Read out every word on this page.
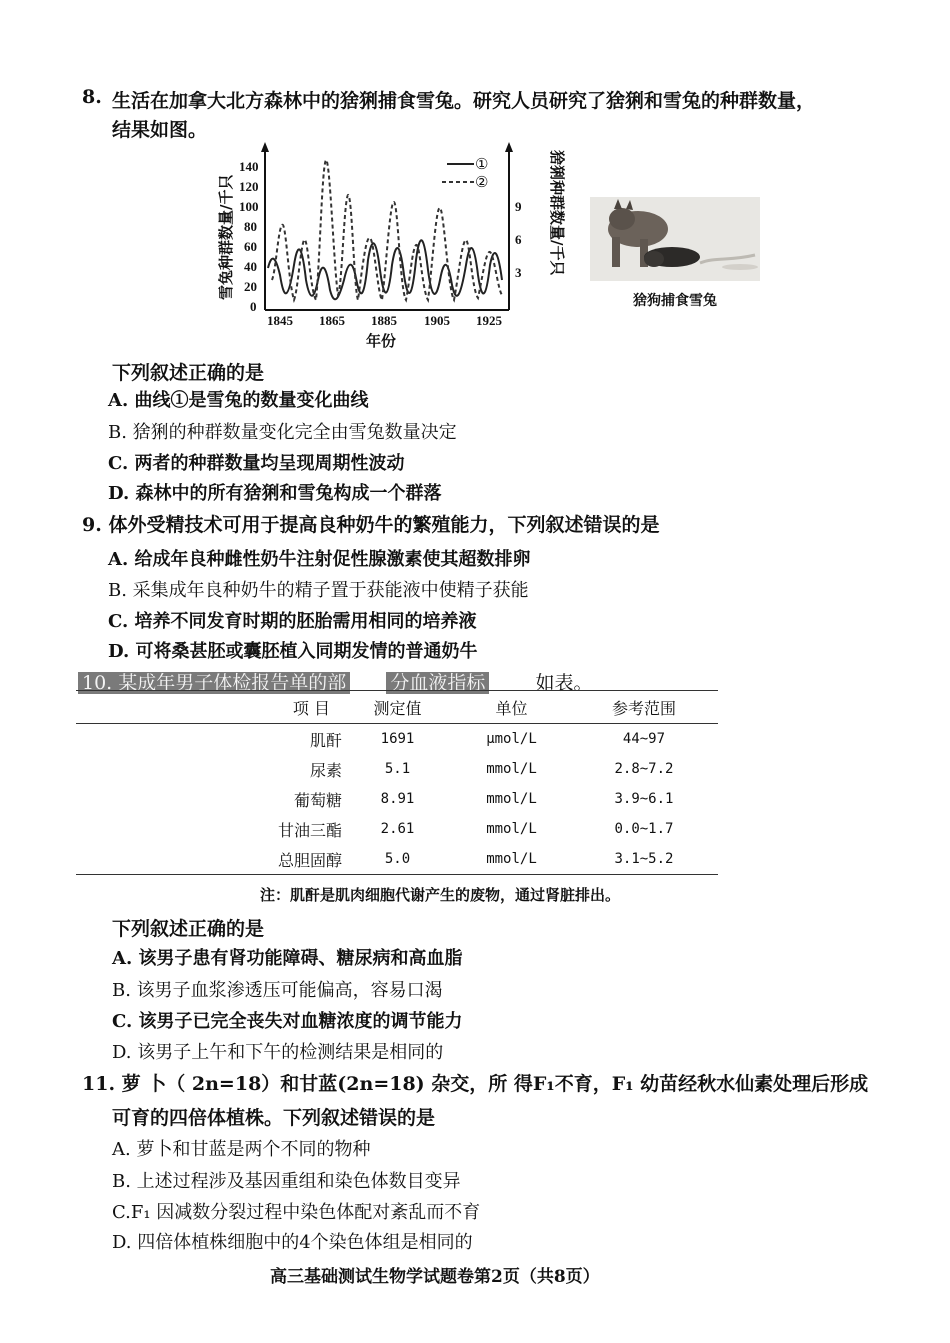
8. 生活在加拿大北方森林中的猞猁捕食雪兔。研究人员研究了猞猁和雪兔的种群数量，
结果如图。
140
120
100
80
60
40
20
0
9
6
3
1845 1865 1885 1905 1925
①
②
雪兔种群数量/千只	猞猁种群数量/千只
年份
猞狗捕食雪兔
下列叙述正确的是
A. 曲线①是雪兔的数量变化曲线
B. 猞猁的种群数量变化完全由雪兔数量决定
C. 两者的种群数量均呈现周期性波动
D. 森林中的所有猞猁和雪兔构成一个群落
9. 体外受精技术可用于提高良种奶牛的繁殖能力，下列叙述错误的是
A. 给成年良种雌性奶牛注射促性腺激素使其超数排卵
B. 采集成年良种奶牛的精子置于获能液中使精子获能
C. 培养不同发育时期的胚胎需用相同的培养液
D. 可将桑甚胚或囊胚植入同期发情的普通奶牛
10. 某成年男子体检报告单的部 分血液指标	如表。
项 目	测定值	单位	参考范围
肌酐	1691	μmol/L	44~97
尿素	5.1	mmol/L	2.8~7.2
葡萄糖	8.91	mmol/L	3.9~6.1
甘油三酯	2.61	mmol/L	0.0~1.7
总胆固醇	5.0	mmol/L	3.1~5.2
注：肌酐是肌肉细胞代谢产生的废物，通过肾脏排出。
下列叙述正确的是
A. 该男子患有肾功能障碍、糖尿病和高血脂
B. 该男子血浆渗透压可能偏高，容易口渴
C. 该男子已完全丧失对血糖浓度的调节能力
D. 该男子上午和下午的检测结果是相同的
11. 萝 卜（ 2n=18）和甘蓝(2n=18) 杂交，所 得F₁不育，F₁ 幼苗经秋水仙素处理后形成
可育的四倍体植株。下列叙述错误的是
A. 萝卜和甘蓝是两个不同的物种
B. 上述过程涉及基因重组和染色体数目变异
C.F₁ 因减数分裂过程中染色体配对紊乱而不育
D. 四倍体植株细胞中的4个染色体组是相同的
高三基础测试生物学试题卷第2页（共8页）
